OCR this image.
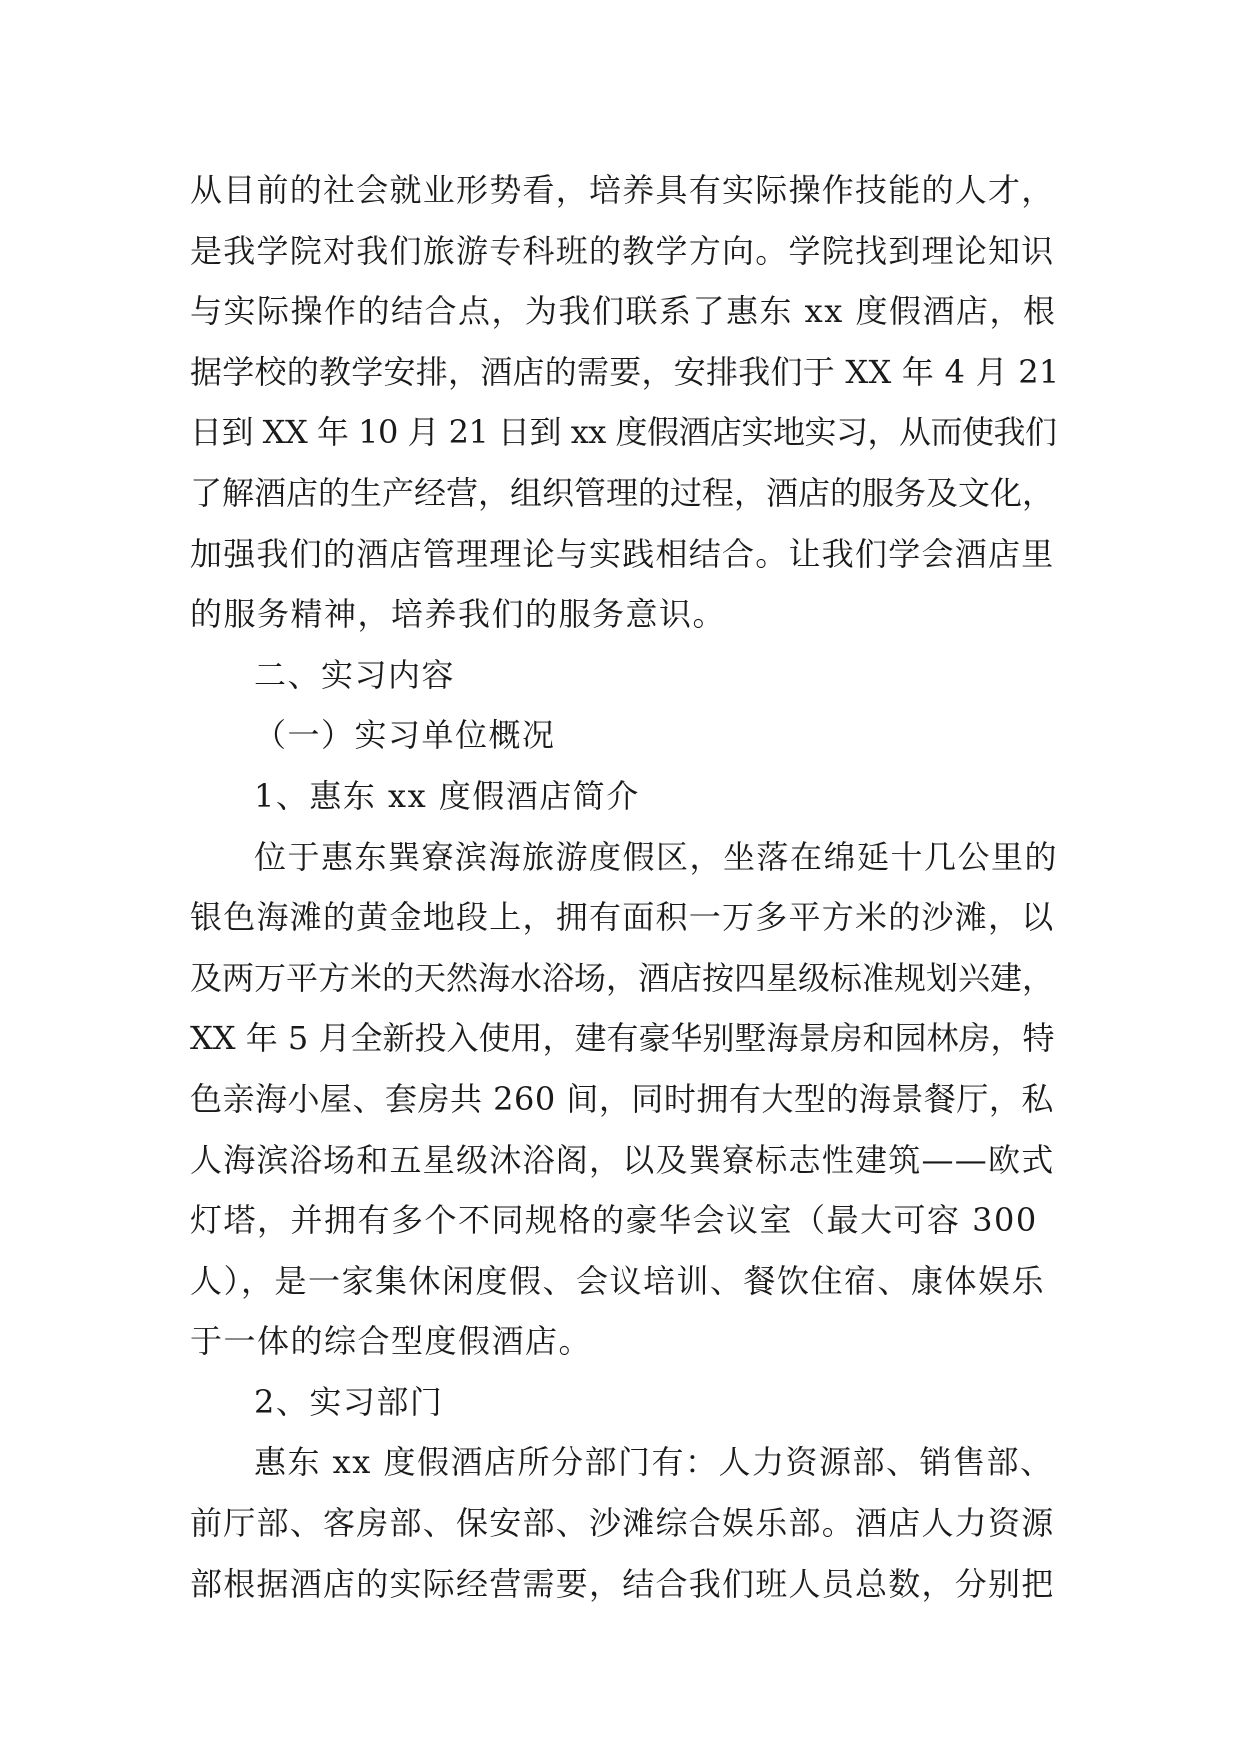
从目前的社会就业形势看，培养具有实际操作技能的人才，
是我学院对我们旅游专科班的教学方向。学院找到理论知识
与实际操作的结合点，为我们联系了惠东 xx 度假酒店，根
据学校的教学安排，酒店的需要，安排我们于 XX 年 4 月 21
日到 XX 年 10 月 21 日到 xx 度假酒店实地实习，从而使我们
了解酒店的生产经营，组织管理的过程，酒店的服务及文化，
加强我们的酒店管理理论与实践相结合。让我们学会酒店里
的服务精神，培养我们的服务意识。
二、实习内容
（一）实习单位概况
1、惠东 xx 度假酒店简介
位于惠东巽寮滨海旅游度假区，坐落在绵延十几公里的
银色海滩的黄金地段上，拥有面积一万多平方米的沙滩，以
及两万平方米的天然海水浴场，酒店按四星级标准规划兴建，
XX 年 5 月全新投入使用，建有豪华别墅海景房和园林房，特
色亲海小屋、套房共 260 间，同时拥有大型的海景餐厅，私
人海滨浴场和五星级沐浴阁，以及巽寮标志性建筑——欧式
灯塔，并拥有多个不同规格的豪华会议室（最大可容 300
人），是一家集休闲度假、会议培训、餐饮住宿、康体娱乐
于一体的综合型度假酒店。
2、实习部门
惠东 xx 度假酒店所分部门有：人力资源部、销售部、
前厅部、客房部、保安部、沙滩综合娱乐部。酒店人力资源
部根据酒店的实际经营需要，结合我们班人员总数，分别把
